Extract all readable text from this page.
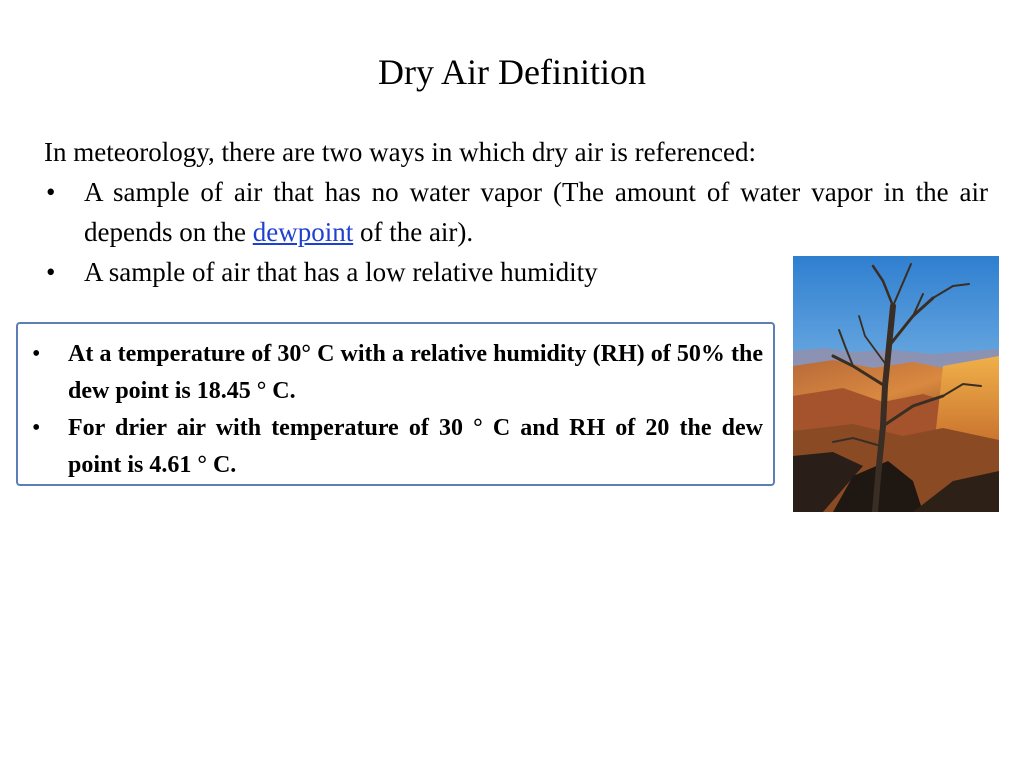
Dry Air Definition
In meteorology, there are two ways in which dry air is referenced:
• A sample of air that has no water vapor (The amount of water vapor in the air depends on the dewpoint of the air).
• A sample of air that has a low relative humidity
• At a temperature of 30° C with a relative humidity (RH) of 50% the dew point is 18.45 ° C.
• For drier air with temperature of 30 ° C and RH of 20 the dew point is 4.61 ° C.
